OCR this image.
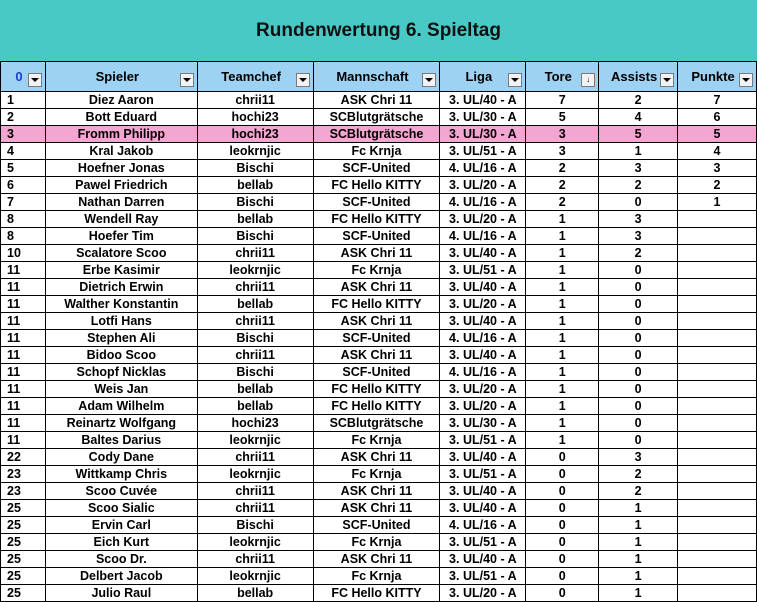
Rundenwertung 6. Spieltag
0	Spieler	Teamchef	Mannschaft	Liga	Tore ↓	Assists	Punkte

1	Diez Aaron	chrii11	ASK Chri 11	3. UL/40 - A	7	2	7
2	Bott Eduard	hochi23	SCBlutgrätsche	3. UL/30 - A	5	4	6
3	Fromm Philipp	hochi23	SCBlutgrätsche	3. UL/30 - A	3	5	5
4	Kral Jakob	leokrnjic	Fc Krnja	3. UL/51 - A	3	1	4
5	Hoefner Jonas	Bischi	SCF-United	4. UL/16 - A	2	3	3
6	Pawel Friedrich	bellab	FC Hello KITTY	3. UL/20 - A	2	2	2
7	Nathan Darren	Bischi	SCF-United	4. UL/16 - A	2	0	1
8	Wendell Ray	bellab	FC Hello KITTY	3. UL/20 - A	1	3	
8	Hoefer Tim	Bischi	SCF-United	4. UL/16 - A	1	3	
10	Scalatore Scoo	chrii11	ASK Chri 11	3. UL/40 - A	1	2	
11	Erbe Kasimir	leokrnjic	Fc Krnja	3. UL/51 - A	1	0	
11	Dietrich Erwin	chrii11	ASK Chri 11	3. UL/40 - A	1	0	
11	Walther Konstantin	bellab	FC Hello KITTY	3. UL/20 - A	1	0	
11	Lotfi Hans	chrii11	ASK Chri 11	3. UL/40 - A	1	0	
11	Stephen Ali	Bischi	SCF-United	4. UL/16 - A	1	0	
11	Bidoo Scoo	chrii11	ASK Chri 11	3. UL/40 - A	1	0	
11	Schopf Nicklas	Bischi	SCF-United	4. UL/16 - A	1	0	
11	Weis Jan	bellab	FC Hello KITTY	3. UL/20 - A	1	0	
11	Adam Wilhelm	bellab	FC Hello KITTY	3. UL/20 - A	1	0	
11	Reinartz Wolfgang	hochi23	SCBlutgrätsche	3. UL/30 - A	1	0	
11	Baltes Darius	leokrnjic	Fc Krnja	3. UL/51 - A	1	0	
22	Cody Dane	chrii11	ASK Chri 11	3. UL/40 - A	0	3	
23	Wittkamp Chris	leokrnjic	Fc Krnja	3. UL/51 - A	0	2	
23	Scoo Cuvée	chrii11	ASK Chri 11	3. UL/40 - A	0	2	
25	Scoo Sialic	chrii11	ASK Chri 11	3. UL/40 - A	0	1	
25	Ervin Carl	Bischi	SCF-United	4. UL/16 - A	0	1	
25	Eich Kurt	leokrnjic	Fc Krnja	3. UL/51 - A	0	1	
25	Scoo Dr.	chrii11	ASK Chri 11	3. UL/40 - A	0	1	
25	Delbert Jacob	leokrnjic	Fc Krnja	3. UL/51 - A	0	1	
25	Julio Raul	bellab	FC Hello KITTY	3. UL/20 - A	0	1	
